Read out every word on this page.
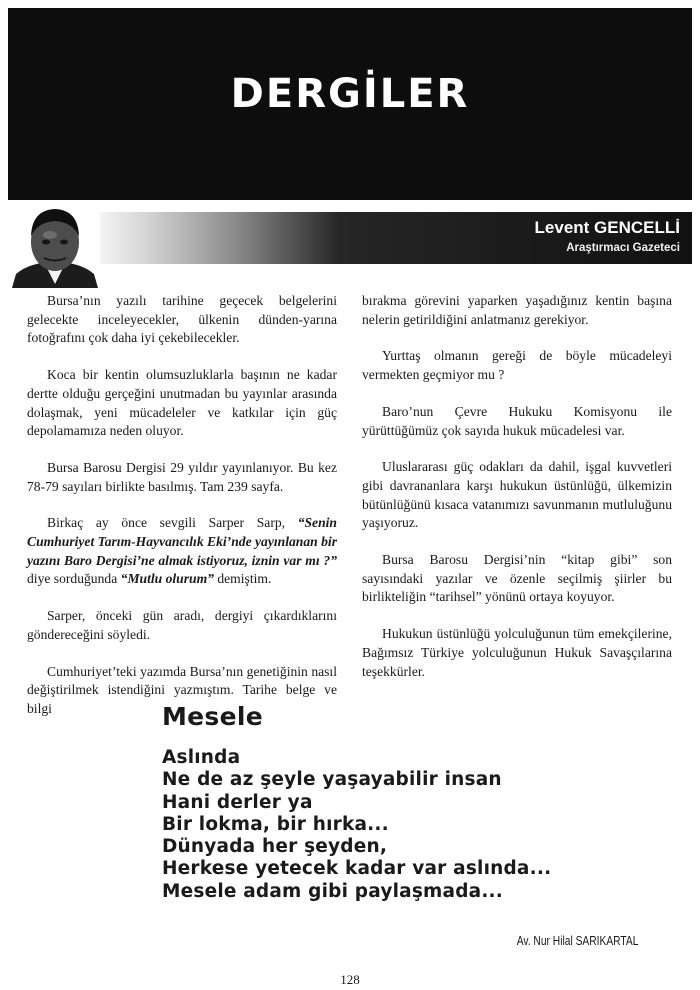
DERGİLER
Levent GENCELLİ
Araştırmacı Gazeteci

Bursa’nın yazılı tarihine geçecek belgelerini gelecekte inceleyecekler, ülkenin dünden-yarına fotoğrafını çok daha iyi çekebilecekler.

Koca bir kentin olumsuzluklarla başının ne kadar dertte olduğu gerçeğini unutmadan bu yayınlar arasında dolaşmak, yeni mücadeleler ve katkılar için güç depolamamıza neden oluyor.

Bursa Barosu Dergisi 29 yıldır yayınlanıyor. Bu kez 78-79 sayıları birlikte basılmış. Tam 239 sayfa.

Birkaç ay önce sevgili Sarper Sarp, “Senin Cumhuriyet Tarım-Hayvancılık Eki’nde yayınlanan bir yazını Baro Dergisi’ne almak istiyoruz, iznin var mı ?” diye sorduğunda “Mutlu olurum” demiştim.

Sarper, önceki gün aradı, dergiyi çıkardıklarını göndereceğini söyledi.

Cumhuriyet’teki yazımda Bursa’nın genetiğinin nasıl değiştirilmek istendiğini yazmıştım. Tarihe belge ve bilgi

bırakma görevini yaparken yaşadığınız kentin başına nelerin getirildiğini anlatmanız gerekiyor.

Yurttaş olmanın gereği de böyle mücadeleyi vermekten geçmiyor mu ?

Baro’nun Çevre Hukuku Komisyonu ile yürüttüğümüz çok sayıda hukuk mücadelesi var.

Uluslararası güç odakları da dahil, işgal kuvvetleri gibi davrananlara karşı hukukun üstünlüğü, ülkemizin bütünlüğünü kısaca vatanımızı savunmanın mutluluğunu yaşıyoruz.

Bursa Barosu Dergisi’nin “kitap gibi” son sayısındaki yazılar ve özenle seçilmiş şiirler bu birlikteliğin “tarihsel” yönünü ortaya koyuyor.

Hukukun üstünlüğü yolculuğunun tüm emekçilerine, Bağımsız Türkiye yolculuğunun Hukuk Savaşçılarına teşekkürler.

Mesele
Aslında
Ne de az şeyle yaşayabilir insan
Hani derler ya
Bir lokma, bir hırka...
Dünyada her şeyden,
Herkese yetecek kadar var aslında...
Mesele adam gibi paylaşmada...
Av. Nur Hilal SARIKARTAL
128
